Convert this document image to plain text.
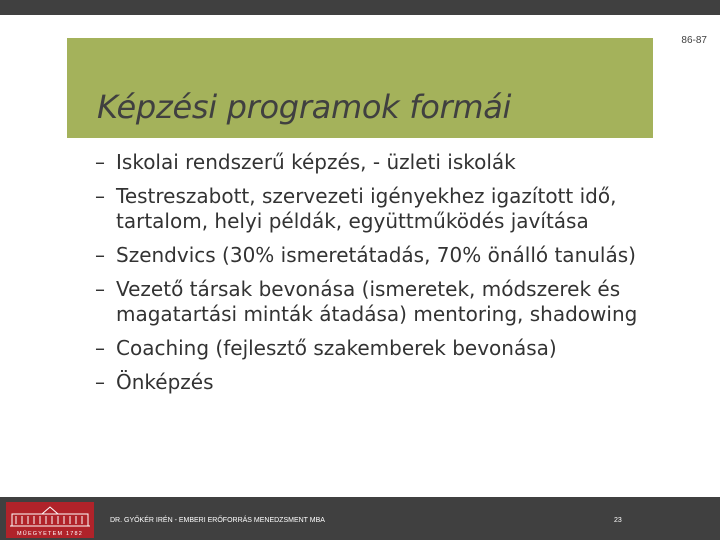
86-87
Képzési programok formái
– Iskolai rendszerű képzés, - üzleti iskolák
– Testreszabott, szervezeti igényekhez igazított idő, tartalom, helyi példák, együttműködés javítása
– Szendvics (30% ismeretátadás, 70% önálló tanulás)
– Vezető társak bevonása (ismeretek, módszerek és magatartási minták átadása) mentoring, shadowing
– Coaching (fejlesztő szakemberek bevonása)
– Önképzés
MŰEGYETEM 1782
DR. GYŐKÉR IRÉN - EMBERI ERŐFORRÁS MENEDZSMENT MBA	23
